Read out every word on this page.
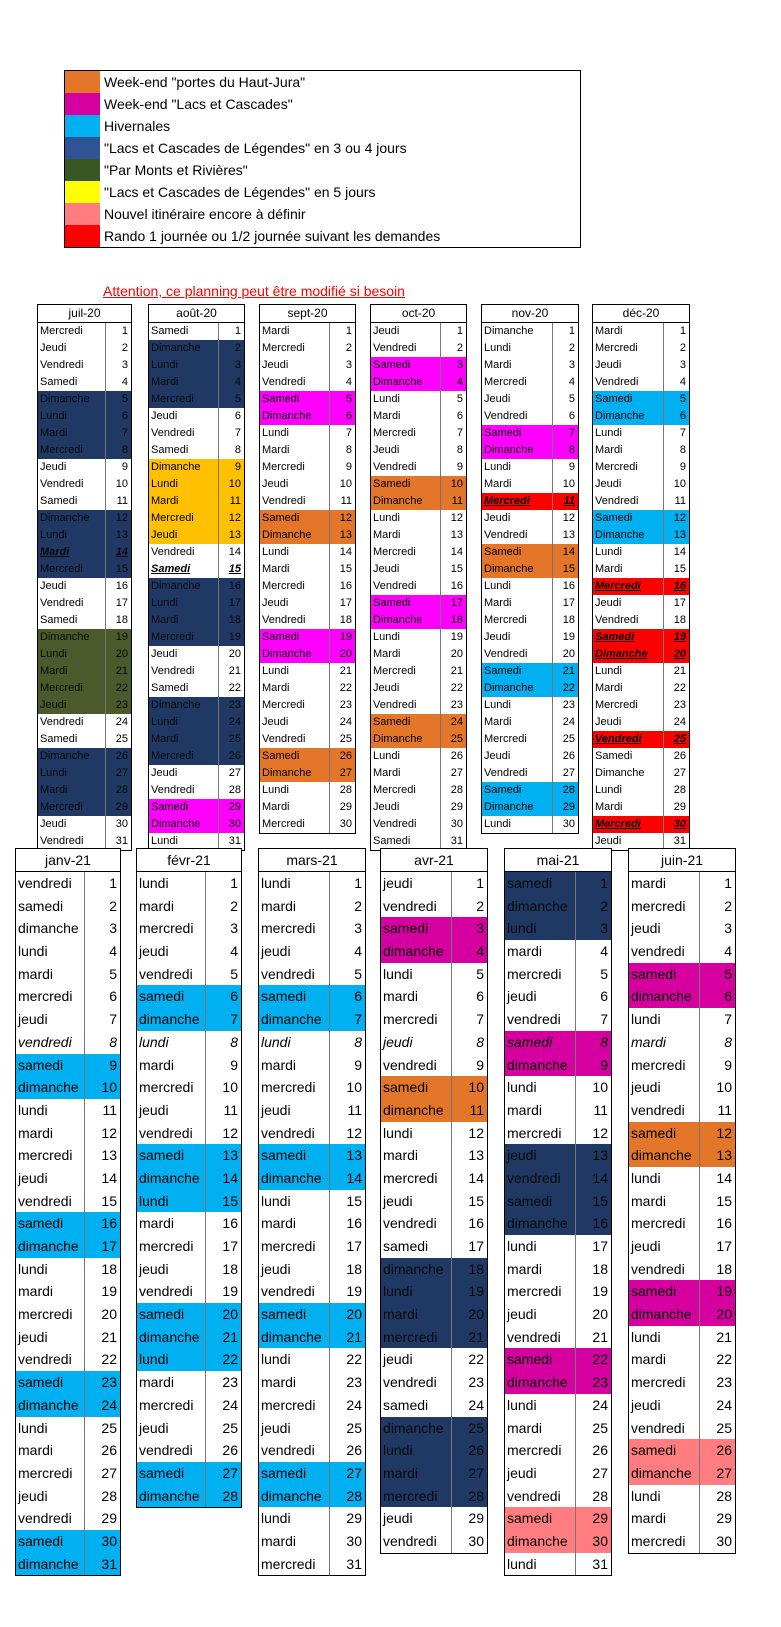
Week-end "portes du Haut-Jura"
Week-end "Lacs et Cascades"
Hivernales
"Lacs et Cascades de Légendes" en 3 ou 4 jours
"Par Monts et Rivières"
"Lacs et Cascades de Légendes" en 5 jours
Nouvel itinéraire encore à définir
Rando 1 journée ou 1/2 journée suivant les demandes
Attention, ce planning peut être modifié si besoin
juil-20
Mercredi	1
Jeudi	2
Vendredi	3
Samedi	4
Dimanche	5
Lundi	6
Mardi	7
Mercredi	8
Jeudi	9
Vendredi	10
Samedi	11
Dimanche	12
Lundi	13
Mardi	14
Mercredi	15
Jeudi	16
Vendredi	17
Samedi	18
Dimanche	19
Lundi	20
Mardi	21
Mercredi	22
Jeudi	23
Vendredi	24
Samedi	25
Dimanche	26
Lundi	27
Mardi	28
Mercredi	29
Jeudi	30
Vendredi	31
août-20
Samedi	1
Dimanche	2
Lundi	3
Mardi	4
Mercredi	5
Jeudi	6
Vendredi	7
Samedi	8
Dimanche	9
Lundi	10
Mardi	11
Mercredi	12
Jeudi	13
Vendredi	14
Samedi	15
Dimanche	16
Lundi	17
Mardi	18
Mercredi	19
Jeudi	20
Vendredi	21
Samedi	22
Dimanche	23
Lundi	24
Mardi	25
Mercredi	26
Jeudi	27
Vendredi	28
Samedi	29
Dimanche	30
Lundi	31
sept-20
Mardi	1
Mercredi	2
Jeudi	3
Vendredi	4
Samedi	5
Dimanche	6
Lundi	7
Mardi	8
Mercredi	9
Jeudi	10
Vendredi	11
Samedi	12
Dimanche	13
Lundi	14
Mardi	15
Mercredi	16
Jeudi	17
Vendredi	18
Samedi	19
Dimanche	20
Lundi	21
Mardi	22
Mercredi	23
Jeudi	24
Vendredi	25
Samedi	26
Dimanche	27
Lundi	28
Mardi	29
Mercredi	30
oct-20
Jeudi	1
Vendredi	2
Samedi	3
Dimanche	4
Lundi	5
Mardi	6
Mercredi	7
Jeudi	8
Vendredi	9
Samedi	10
Dimanche	11
Lundi	12
Mardi	13
Mercredi	14
Jeudi	15
Vendredi	16
Samedi	17
Dimanche	18
Lundi	19
Mardi	20
Mercredi	21
Jeudi	22
Vendredi	23
Samedi	24
Dimanche	25
Lundi	26
Mardi	27
Mercredi	28
Jeudi	29
Vendredi	30
Samedi	31
nov-20
Dimanche	1
Lundi	2
Mardi	3
Mercredi	4
Jeudi	5
Vendredi	6
Samedi	7
Dimanche	8
Lundi	9
Mardi	10
Mercredi	11
Jeudi	12
Vendredi	13
Samedi	14
Dimanche	15
Lundi	16
Mardi	17
Mercredi	18
Jeudi	19
Vendredi	20
Samedi	21
Dimanche	22
Lundi	23
Mardi	24
Mercredi	25
Jeudi	26
Vendredi	27
Samedi	28
Dimanche	29
Lundi	30
déc-20
Mardi	1
Mercredi	2
Jeudi	3
Vendredi	4
Samedi	5
Dimanche	6
Lundi	7
Mardi	8
Mercredi	9
Jeudi	10
Vendredi	11
Samedi	12
Dimanche	13
Lundi	14
Mardi	15
Mercredi	16
Jeudi	17
Vendredi	18
Samedi	19
Dimanche	20
Lundi	21
Mardi	22
Mercredi	23
Jeudi	24
Vendredi	25
Samedi	26
Dimanche	27
Lundi	28
Mardi	29
Mercredi	30
Jeudi	31
janv-21
vendredi	1
samedi	2
dimanche	3
lundi	4
mardi	5
mercredi	6
jeudi	7
vendredi	8
samedi	9
dimanche	10
lundi	11
mardi	12
mercredi	13
jeudi	14
vendredi	15
samedi	16
dimanche	17
lundi	18
mardi	19
mercredi	20
jeudi	21
vendredi	22
samedi	23
dimanche	24
lundi	25
mardi	26
mercredi	27
jeudi	28
vendredi	29
samedi	30
dimanche	31
févr-21
lundi	1
mardi	2
mercredi	3
jeudi	4
vendredi	5
samedi	6
dimanche	7
lundi	8
mardi	9
mercredi	10
jeudi	11
vendredi	12
samedi	13
dimanche	14
lundi	15
mardi	16
mercredi	17
jeudi	18
vendredi	19
samedi	20
dimanche	21
lundi	22
mardi	23
mercredi	24
jeudi	25
vendredi	26
samedi	27
dimanche	28
mars-21
lundi	1
mardi	2
mercredi	3
jeudi	4
vendredi	5
samedi	6
dimanche	7
lundi	8
mardi	9
mercredi	10
jeudi	11
vendredi	12
samedi	13
dimanche	14
lundi	15
mardi	16
mercredi	17
jeudi	18
vendredi	19
samedi	20
dimanche	21
lundi	22
mardi	23
mercredi	24
jeudi	25
vendredi	26
samedi	27
dimanche	28
lundi	29
mardi	30
mercredi	31
avr-21
jeudi	1
vendredi	2
samedi	3
dimanche	4
lundi	5
mardi	6
mercredi	7
jeudi	8
vendredi	9
samedi	10
dimanche	11
lundi	12
mardi	13
mercredi	14
jeudi	15
vendredi	16
samedi	17
dimanche	18
lundi	19
mardi	20
mercredi	21
jeudi	22
vendredi	23
samedi	24
dimanche	25
lundi	26
mardi	27
mercredi	28
jeudi	29
vendredi	30
mai-21
samedi	1
dimanche	2
lundi	3
mardi	4
mercredi	5
jeudi	6
vendredi	7
samedi	8
dimanche	9
lundi	10
mardi	11
mercredi	12
jeudi	13
vendredi	14
samedi	15
dimanche	16
lundi	17
mardi	18
mercredi	19
jeudi	20
vendredi	21
samedi	22
dimanche	23
lundi	24
mardi	25
mercredi	26
jeudi	27
vendredi	28
samedi	29
dimanche	30
lundi	31
juin-21
mardi	1
mercredi	2
jeudi	3
vendredi	4
samedi	5
dimanche	6
lundi	7
mardi	8
mercredi	9
jeudi	10
vendredi	11
samedi	12
dimanche	13
lundi	14
mardi	15
mercredi	16
jeudi	17
vendredi	18
samedi	19
dimanche	20
lundi	21
mardi	22
mercredi	23
jeudi	24
vendredi	25
samedi	26
dimanche	27
lundi	28
mardi	29
mercredi	30
